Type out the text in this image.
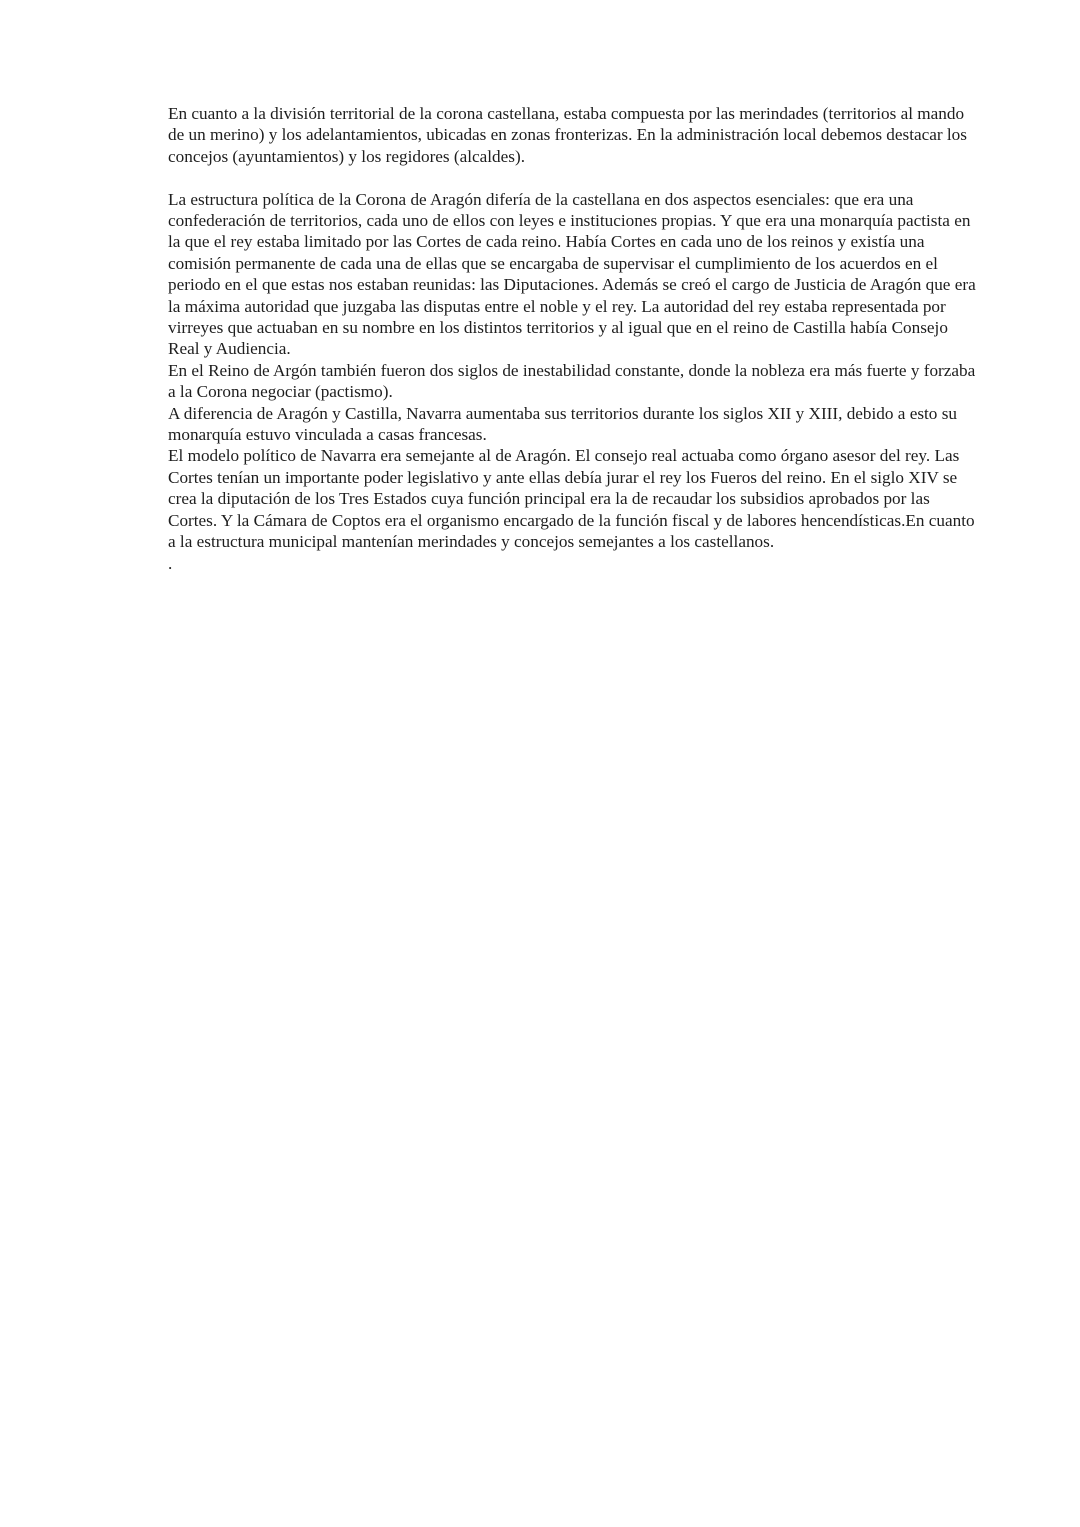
En cuanto a la división territorial de la corona castellana, estaba compuesta por las merindades (territorios al mando de un merino) y los adelantamientos, ubicadas en zonas fronterizas. En la administración local debemos destacar los concejos (ayuntamientos) y los regidores (alcaldes).

La estructura política de la Corona de Aragón difería de la castellana en dos aspectos esenciales: que era una confederación de territorios, cada uno de ellos con leyes e instituciones propias. Y que era una monarquía pactista en la que el rey estaba limitado por las Cortes de cada reino. Había Cortes en cada uno de los reinos y existía una comisión permanente de cada una de ellas que se encargaba de supervisar el cumplimiento de los acuerdos en el periodo en el que estas nos estaban reunidas: las Diputaciones. Además se creó el cargo de Justicia de Aragón que era la máxima autoridad que juzgaba las disputas entre el noble y el rey. La autoridad del rey estaba representada por virreyes que actuaban en su nombre en los distintos territorios y al igual que en el reino de Castilla había Consejo Real y Audiencia.

En el Reino de Argón también fueron dos siglos de inestabilidad constante, donde la nobleza era más fuerte y forzaba a la Corona negociar (pactismo).

A diferencia de Aragón y Castilla, Navarra aumentaba sus territorios durante los siglos XII y XIII, debido a esto su monarquía estuvo vinculada a casas francesas.

El modelo político de Navarra era semejante al de Aragón. El consejo real actuaba como órgano asesor del rey. Las Cortes tenían un importante poder legislativo y ante ellas debía jurar el rey los Fueros del reino. En el siglo XIV se crea la diputación de los Tres Estados cuya función principal era la de recaudar los subsidios aprobados por las Cortes. Y la Cámara de Coptos era el organismo encargado de la función fiscal y de labores hencendísticas.En cuanto a la estructura municipal mantenían merindades y concejos semejantes a los castellanos.

.
